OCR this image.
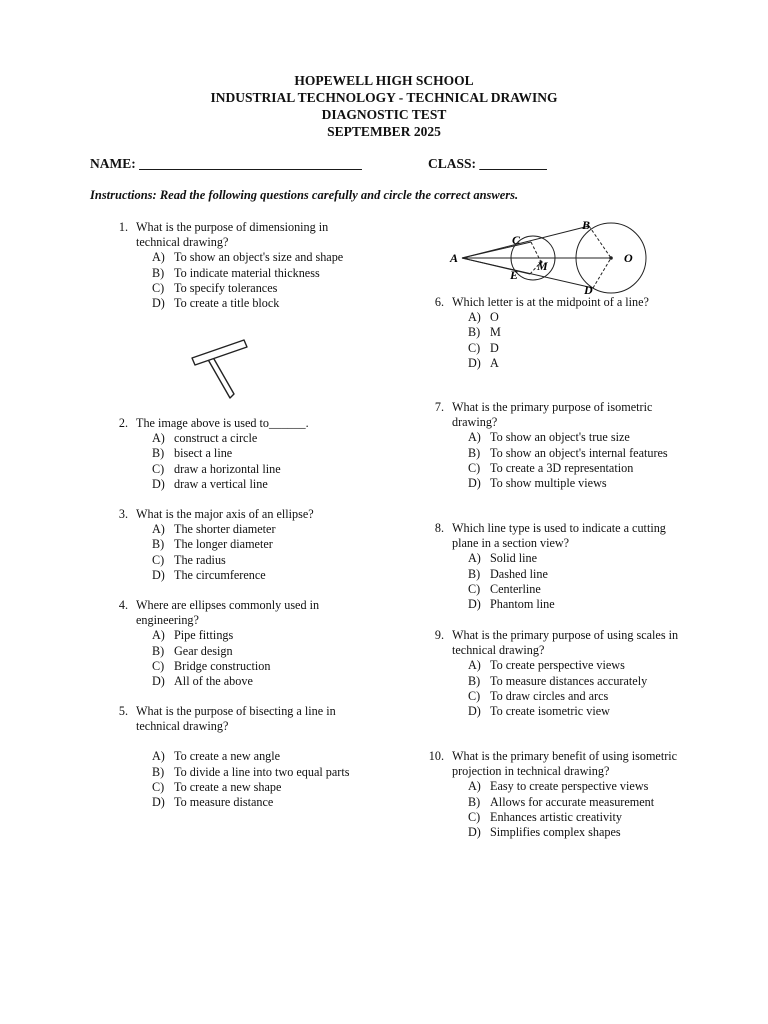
HOPEWELL HIGH SCHOOL
INDUSTRIAL TECHNOLOGY - TECHNICAL DRAWING
DIAGNOSTIC TEST
SEPTEMBER 2025
NAME: _________________________________	CLASS: __________
Instructions: Read the following questions carefully and circle the correct answers.
A
B
C
D
E
M
O
1. What is the purpose of dimensioning in technical drawing?
A) To show an object's size and shape
B) To indicate material thickness
C) To specify tolerances
D) To create a title block
2. The image above is used to______.
A) construct a circle
B) bisect a line
C) draw a horizontal line
D) draw a vertical line
3. What is the major axis of an ellipse?
A) The shorter diameter
B) The longer diameter
C) The radius
D) The circumference
4. Where are ellipses commonly used in engineering?
A) Pipe fittings
B) Gear design
C) Bridge construction
D) All of the above
5. What is the purpose of bisecting a line in technical drawing?
A) To create a new angle
B) To divide a line into two equal parts
C) To create a new shape
D) To measure distance
6. Which letter is at the midpoint of a line?
A) O
B) M
C) D
D) A
7. What is the primary purpose of isometric drawing?
A) To show an object's true size
B) To show an object's internal features
C) To create a 3D representation
D) To show multiple views
8. Which line type is used to indicate a cutting plane in a section view?
A) Solid line
B) Dashed line
C) Centerline
D) Phantom line
9. What is the primary purpose of using scales in technical drawing?
A) To create perspective views
B) To measure distances accurately
C) To draw circles and arcs
D) To create isometric view
10. What is the primary benefit of using isometric projection in technical drawing?
A) Easy to create perspective views
B) Allows for accurate measurement
C) Enhances artistic creativity
D) Simplifies complex shapes
